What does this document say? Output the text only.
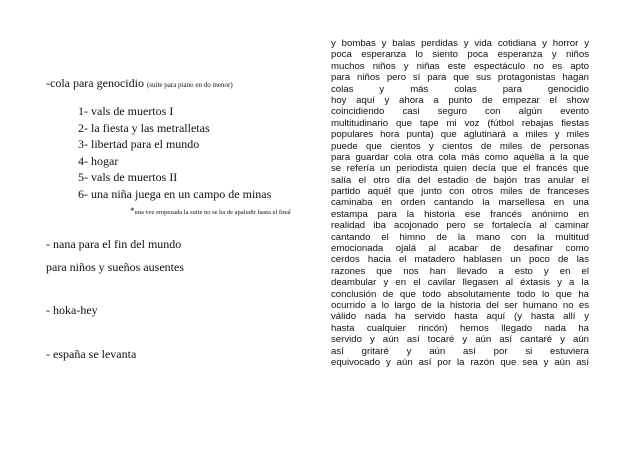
-cola para genocidio (suite para piano en do menor)
1- vals de muertos I
2- la fiesta y las metralletas
3- libertad para el mundo
4- hogar
5- vals de muertos II
6- una niña juega en un campo de minas
*una vez empezada la suite no se ha de apaludir hasta el final
- nana para el fin del mundo
para niños y sueños ausentes
- hoka-hey
- españa se levanta
y bombas y balas perdidas y vida cotidiana y horror y
poca esperanza lo siento poca esperanza y niños
muchos niños y niñas este espectáculo no es apto
para niños pero sí para que sus protagonistas hagan
colas y más colas para genocidio
hoy aquí y ahora a punto de empezar el show
coincidiendo casi seguro con algún evento
multitudinario que tape mi voz (fútbol rebajas fiestas
populares hora punta) que aglutinará a miles y miles
puede que cientos y cientos de miles de personas
para guardar cola otra cola más como aquélla a la que
se refería un periodista quien decía que el francés que
salía el otro día del estadio de bajón tras anular el
partido aquél que junto con otros miles de franceses
caminaba en orden cantando la marsellesa en una
estampa para la historia ese francés anónimo en
realidad iba acojonado pero se fortalecía al caminar
cantando el himno de la mano con la multitud
emocionada ojalá al acabar de desafinar como
cerdos hacia el matadero hablasen un poco de las
razones que nos han llevado a esto y en el
deambular y en el cavilar llegasen al éxtasis y a la
conclusión de que todo absolutamente todo lo que ha
ocurrido a lo largo de la historia del ser humano no es
válido nada ha servido hasta aquí (y hasta allí y
hasta cualquier rincón) hemos llegado nada ha
servido y aún así tocaré y aún así cantaré y aún
así gritaré y aún así por si estuviera
equivocado y aún así por la razón que sea y aún así
